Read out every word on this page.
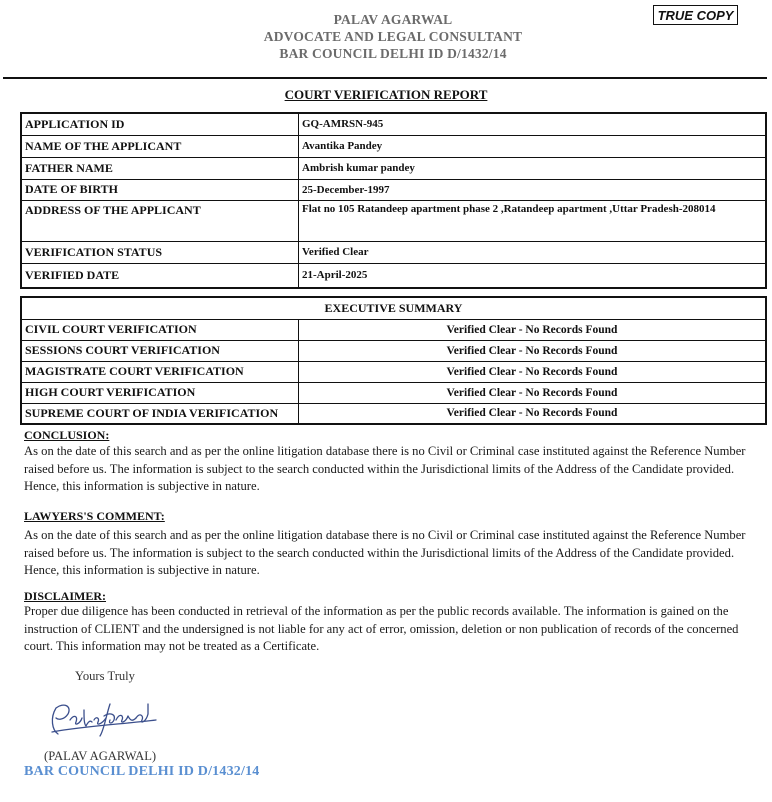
PALAV AGARWAL
ADVOCATE AND LEGAL CONSULTANT
BAR COUNCIL DELHI ID D/1432/14
TRUE COPY
COURT VERIFICATION REPORT
APPLICATION ID	GQ-AMRSN-945
NAME OF THE APPLICANT	Avantika Pandey
FATHER NAME	Ambrish kumar pandey
DATE OF BIRTH	25-December-1997
ADDRESS OF THE APPLICANT	Flat no 105 Ratandeep apartment phase 2 ,Ratandeep apartment ,Uttar Pradesh-208014
VERIFICATION STATUS	Verified Clear
VERIFIED DATE	21-April-2025
EXECUTIVE SUMMARY	
CIVIL COURT VERIFICATION	Verified Clear - No Records Found
SESSIONS COURT VERIFICATION	Verified Clear - No Records Found
MAGISTRATE COURT VERIFICATION	Verified Clear - No Records Found
HIGH COURT VERIFICATION	Verified Clear - No Records Found
SUPREME COURT OF INDIA VERIFICATION	Verified Clear - No Records Found
CONCLUSION:
As on the date of this search and as per the online litigation database there is no Civil or Criminal case instituted against the Reference Number raised before us. The information is subject to the search conducted within the Jurisdictional limits of the Address of the Candidate provided. Hence, this information is subjective in nature.
LAWYERS'S COMMENT:
As on the date of this search and as per the online litigation database there is no Civil or Criminal case instituted against the Reference Number raised before us. The information is subject to the search conducted within the Jurisdictional limits of the Address of the Candidate provided. Hence, this information is subjective in nature.
DISCLAIMER:
Proper due diligence has been conducted in retrieval of the information as per the public records available. The information is gained on the instruction of CLIENT and the undersigned is not liable for any act of error, omission, deletion or non publication of records of the concerned court. This information may not be treated as a Certificate.
Yours Truly
(PALAV AGARWAL)
BAR COUNCIL DELHI ID D/1432/14
